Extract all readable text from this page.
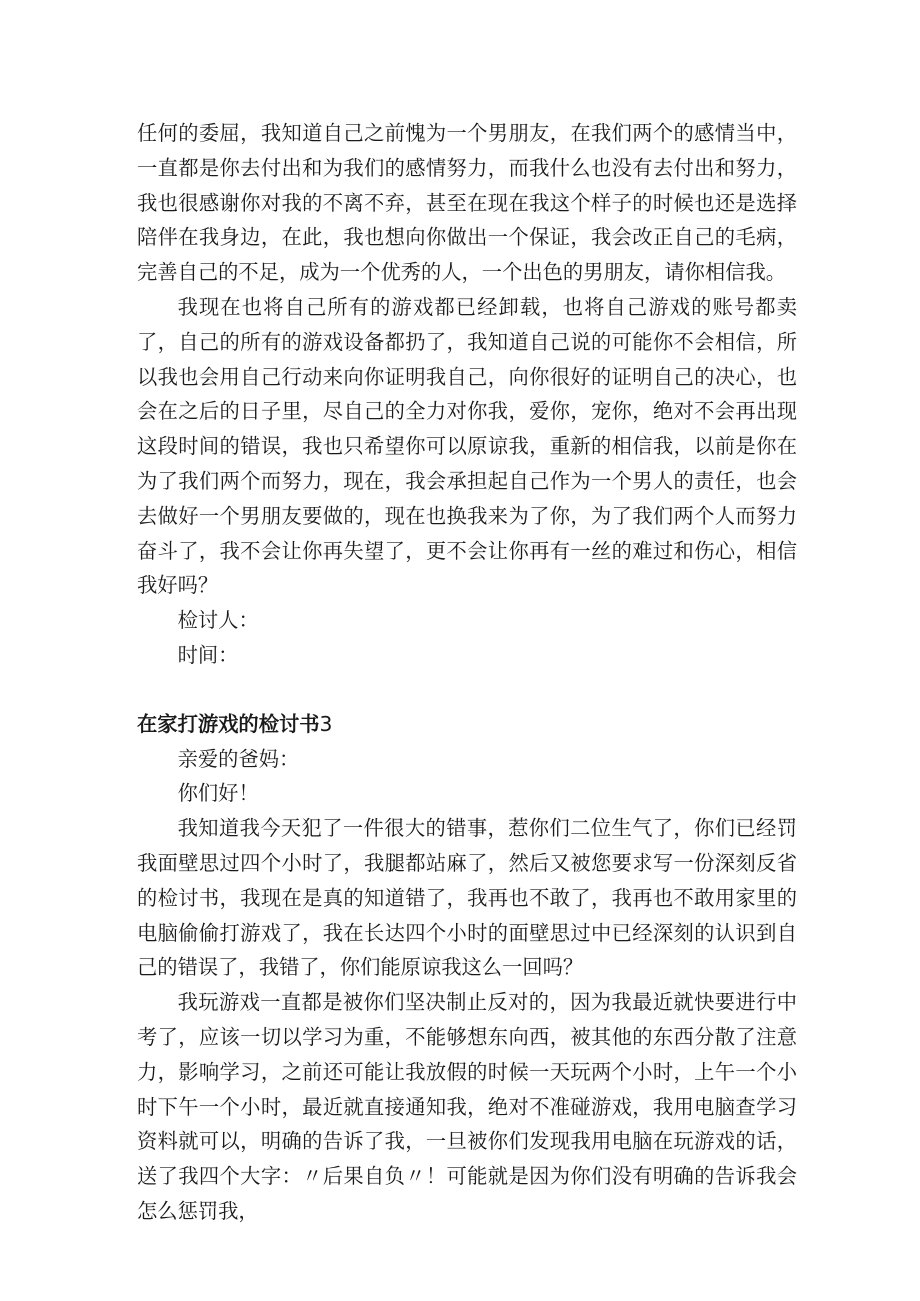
任何的委屈，我知道自己之前愧为一个男朋友，在我们两个的感情当中，一直都是你去付出和为我们的感情努力，而我什么也没有去付出和努力，我也很感谢你对我的不离不弃，甚至在现在我这个样子的时候也还是选择陪伴在我身边，在此，我也想向你做出一个保证，我会改正自己的毛病，完善自己的不足，成为一个优秀的人，一个出色的男朋友，请你相信我。

我现在也将自己所有的游戏都已经卸载，也将自己游戏的账号都卖了，自己的所有的游戏设备都扔了，我知道自己说的可能你不会相信，所以我也会用自己行动来向你证明我自己，向你很好的证明自己的决心，也会在之后的日子里，尽自己的全力对你我，爱你，宠你，绝对不会再出现这段时间的错误，我也只希望你可以原谅我，重新的相信我，以前是你在为了我们两个而努力，现在，我会承担起自己作为一个男人的责任，也会去做好一个男朋友要做的，现在也换我来为了你，为了我们两个人而努力奋斗了，我不会让你再失望了，更不会让你再有一丝的难过和伤心，相信我好吗？

检讨人：

时间：

在家打游戏的检讨书3

亲爱的爸妈：

你们好！

我知道我今天犯了一件很大的错事，惹你们二位生气了，你们已经罚我面壁思过四个小时了，我腿都站麻了，然后又被您要求写一份深刻反省的检讨书，我现在是真的知道错了，我再也不敢了，我再也不敢用家里的电脑偷偷打游戏了，我在长达四个小时的面壁思过中已经深刻的认识到自己的错误了，我错了，你们能原谅我这么一回吗？

我玩游戏一直都是被你们坚决制止反对的，因为我最近就快要进行中考了，应该一切以学习为重，不能够想东向西，被其他的东西分散了注意力，影响学习，之前还可能让我放假的时候一天玩两个小时，上午一个小时下午一个小时，最近就直接通知我，绝对不准碰游戏，我用电脑查学习资料就可以，明确的告诉了我，一旦被你们发现我用电脑在玩游戏的话，送了我四个大字：〃后果自负〃！可能就是因为你们没有明确的告诉我会怎么惩罚我，
